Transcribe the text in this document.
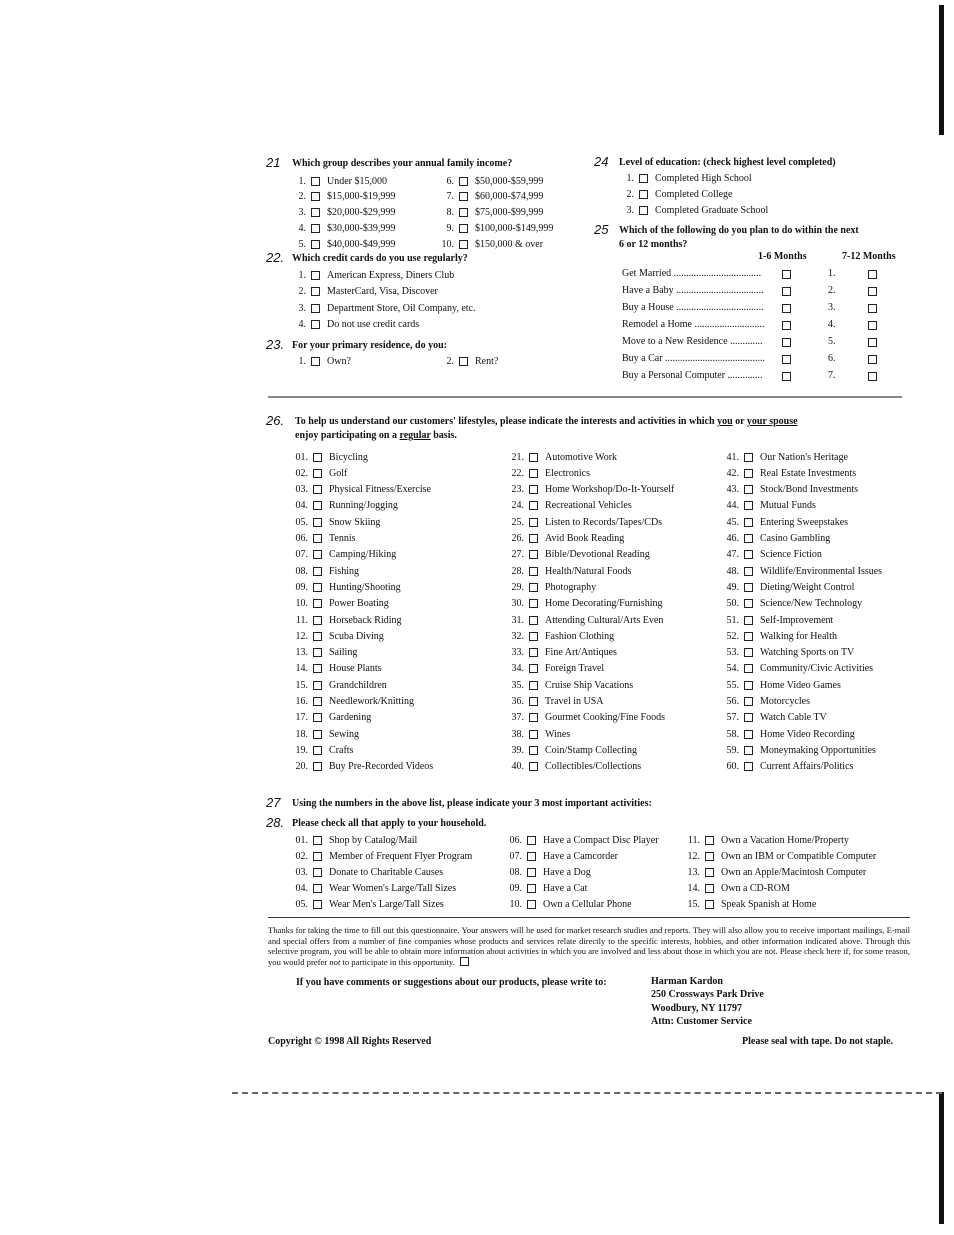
21 Which group describes your annual family income?
1. Under $15,000
2. $15,000-$19,999
3. $20,000-$29,999
4. $30,000-$39,999
5. $40,000-$49,999
6. $50,000-$59,999
7. $60,000-$74,999
8. $75,000-$99,999
9. $100,000-$149,999
10. $150,000 & over
22. Which credit cards do you use regularly?
1. American Express, Diners Club
2. MasterCard, Visa, Discover
3. Department Store, Oil Company, etc.
4. Do not use credit cards
23. For your primary residence, do you:
1. Own?	2. Rent?
24 Level of education: (check highest level completed)
1. Completed High School
2. Completed College
3. Completed Graduate School
25 Which of the following do you plan to do within the next
6 or 12 months?
1-6 Months	7-12 Months
Get Married ...................................	1.
Have a Baby ...................................	2.
Buy a House ...................................	3.
Remodel a Home ............................	4.
Move to a New Residence .............	5.
Buy a Car ........................................	6.
Buy a Personal Computer ..............	7.
26. To help us understand our customers' lifestyles, please indicate the interests and activities in which you or your spouse
enjoy participating on a regular basis.
01. Bicycling
02. Golf
03. Physical Fitness/Exercise
04. Running/Jogging
05. Snow Skiing
06. Tennis
07. Camping/Hiking
08. Fishing
09. Hunting/Shooting
10. Power Boating
11. Horseback Riding
12. Scuba Diving
13. Sailing
14. House Plants
15. Grandchildren
16. Needlework/Knitting
17. Gardening
18. Sewing
19. Crafts
20. Buy Pre-Recorded Videos
21. Automotive Work
22. Electronics
23. Home Workshop/Do-It-Yourself
24. Recreational Vehicles
25. Listen to Records/Tapes/CDs
26. Avid Book Reading
27. Bible/Devotional Reading
28. Health/Natural Foods
29. Photography
30. Home Decorating/Furnishing
31. Attending Cultural/Arts Even
32. Fashion Clothing
33. Fine Art/Antiques
34. Foreign Travel
35. Cruise Ship Vacations
36. Travel in USA
37. Gourmet Cooking/Fine Foods
38. Wines
39. Coin/Stamp Collecting
40. Collectibles/Collections
41. Our Nation's Heritage
42. Real Estate Investments
43. Stock/Bond Investments
44. Mutual Funds
45. Entering Sweepstakes
46. Casino Gambling
47. Science Fiction
48. Wildlife/Environmental Issues
49. Dieting/Weight Control
50. Science/New Technology
51. Self-Improvement
52. Walking for Health
53. Watching Sports on TV
54. Community/Civic Activities
55. Home Video Games
56. Motorcycles
57. Watch Cable TV
58. Home Video Recording
59. Moneymaking Opportunities
60. Current Affairs/Politics
27 Using the numbers in the above list, please indicate your 3 most important activities:
28. Please check all that apply to your household.
01. Shop by Catalog/Mail
02. Member of Frequent Flyer Program
03. Donate to Charitable Causes
04. Wear Women's Large/Tall Sizes
05. Wear Men's Large/Tall Sizes
06. Have a Compact Disc Player
07. Have a Camcorder
08. Have a Dog
09. Have a Cat
10. Own a Cellular Phone
11. Own a Vacation Home/Property
12. Own an IBM or Compatible Computer
13. Own an Apple/Macintosh Computer
14. Own a CD-ROM
15. Speak Spanish at Home
Thanks for taking the time to fill out this questionnaire. Your answers will be used for market research studies and reports. They will also allow you to receive important mailings, E-mail and special offers from a number of fine companies whose products and services relate directly to the specific interests, hobbies, and other information indicated above. Through this selective program, you will be able to obtain more information about activities in which you are involved and less about those in which you are not. Please check here if, for some reason, you would prefer not to participate in this opportunity.
If you have comments or suggestions about our products, please write to:	Harman Kardon
250 Crossways Park Drive
Woodbury, NY 11797
Attn: Customer Service
Copyright © 1998 All Rights Reserved	Please seal with tape. Do not staple.
